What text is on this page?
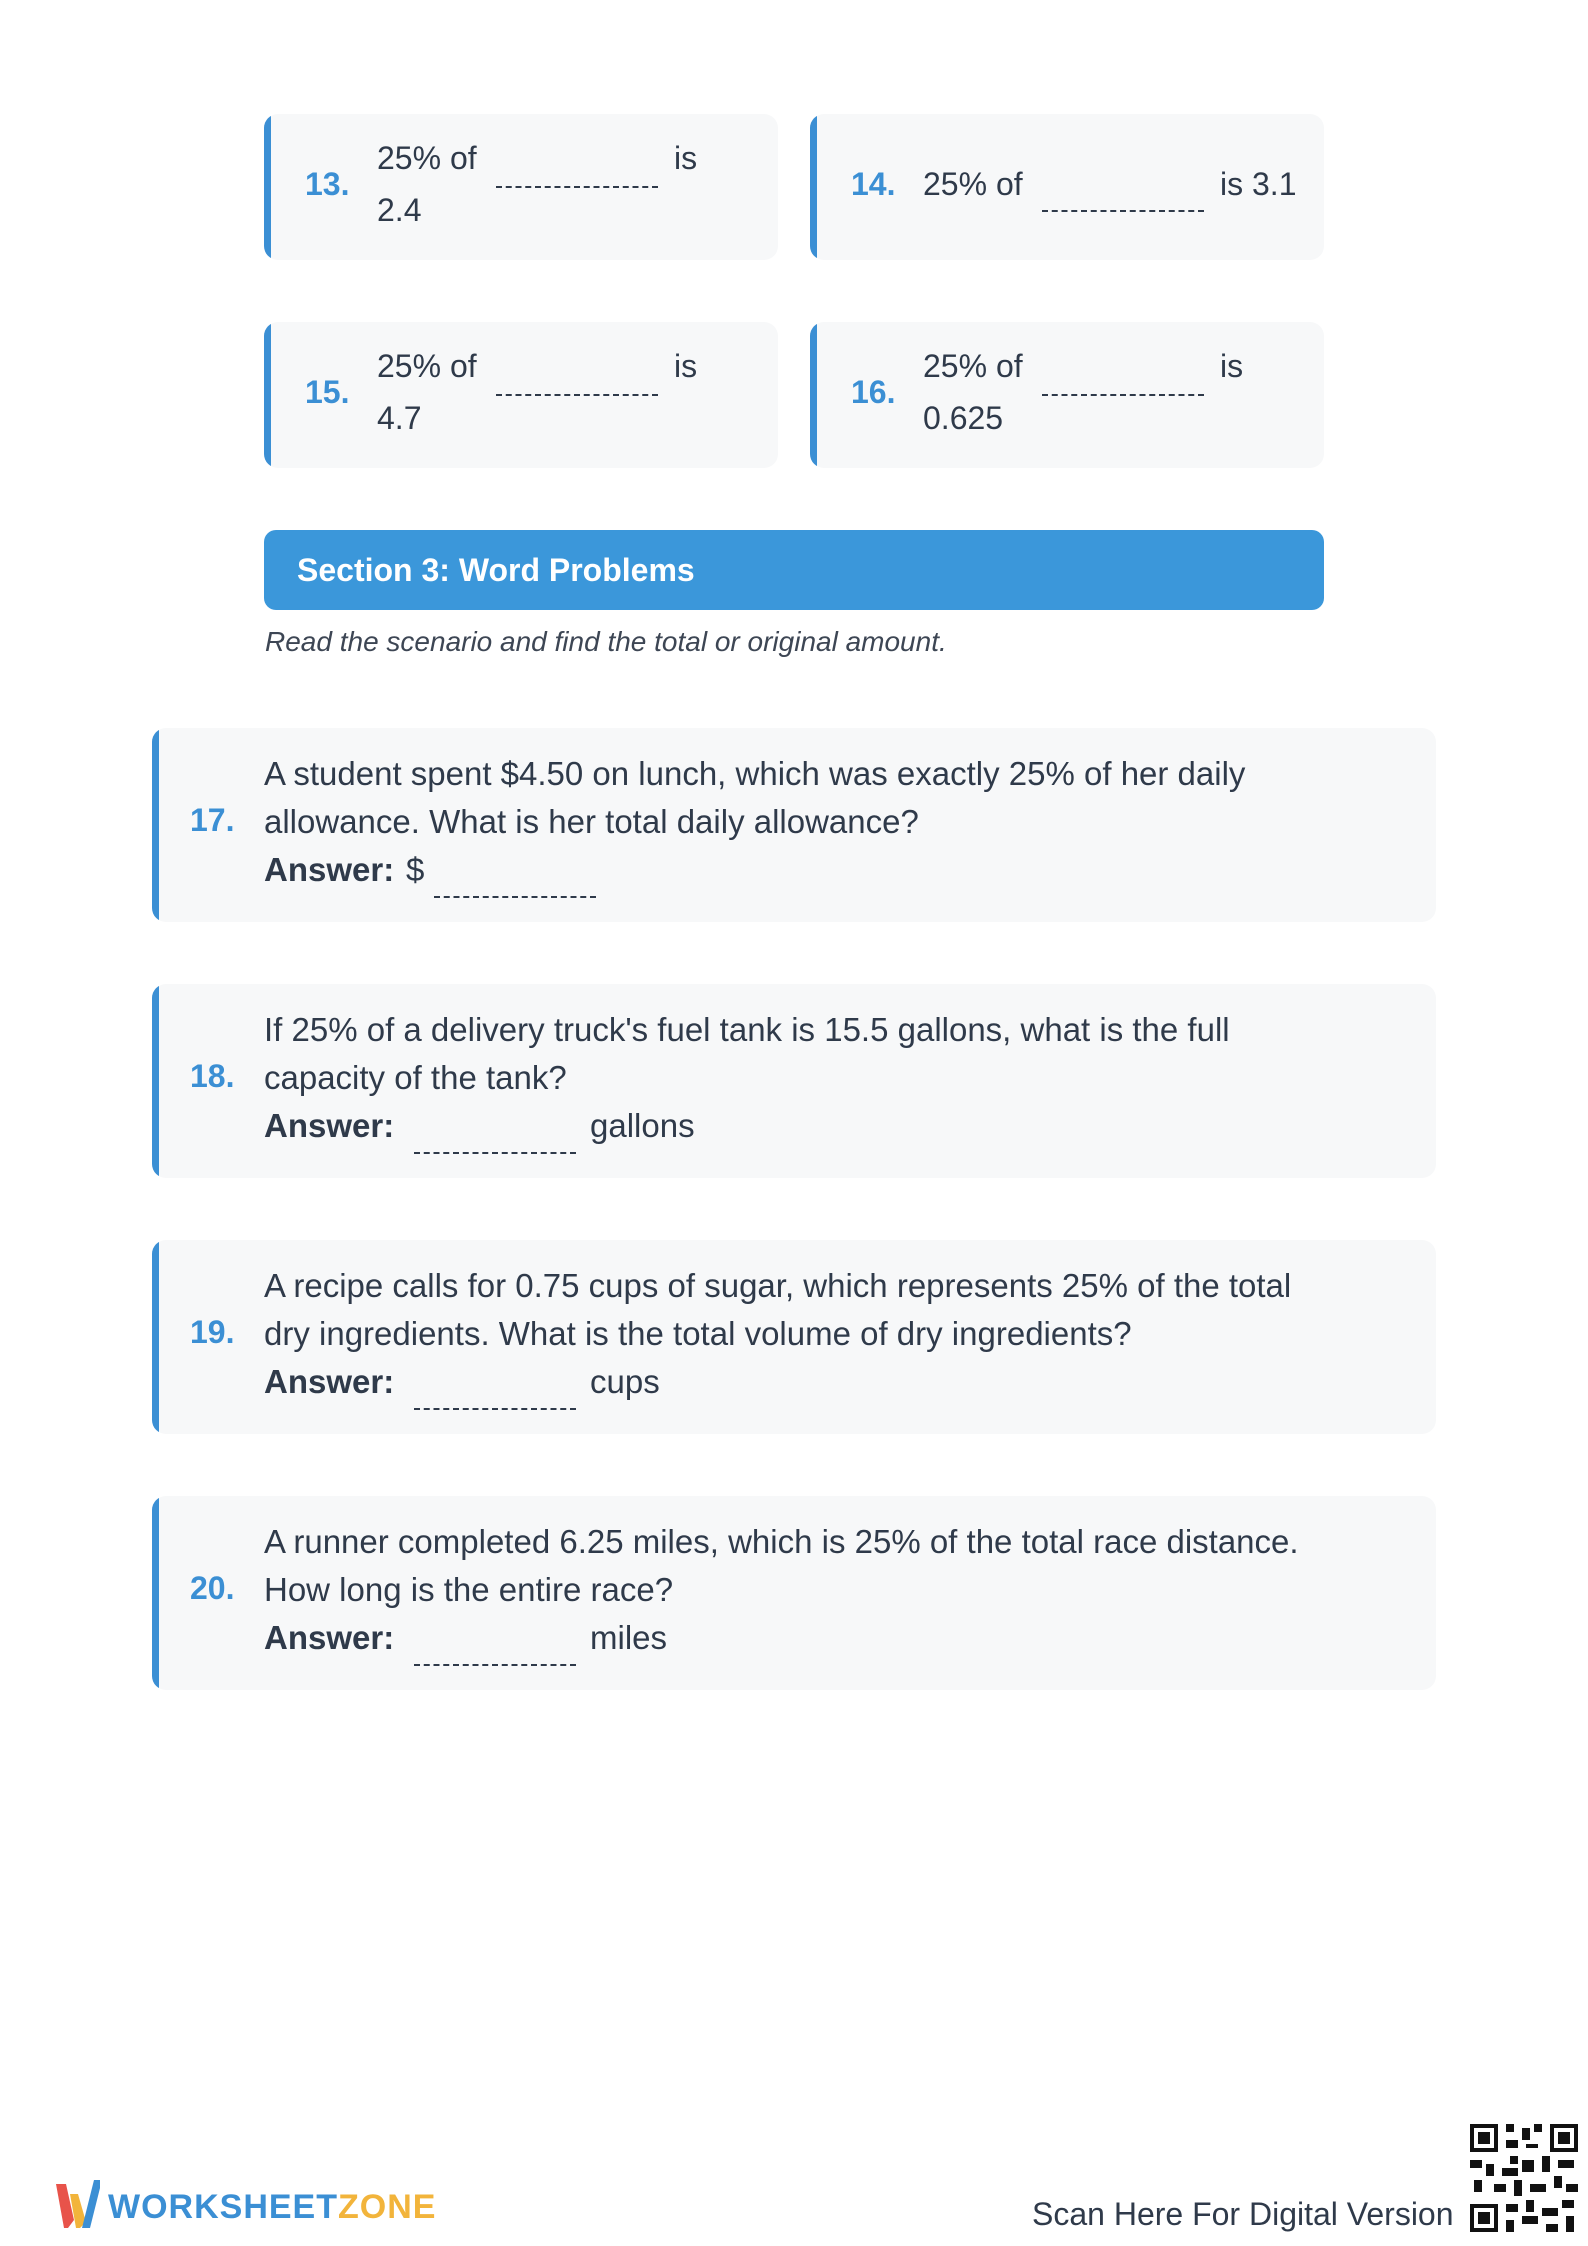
13.
25% of	is
2.4
14. 25% of	is 3.1
15.
25% of	is
4.7
16.
25% of	is
0.625
Section 3: Word Problems
Read the scenario and find the total or original amount.
17.
A student spent $4.50 on lunch, which was exactly 25% of her daily
allowance. What is her total daily allowance?
Answer: $
18.
If 25% of a delivery truck's fuel tank is 15.5 gallons, what is the full
capacity of the tank?
Answer:	gallons
19.
A recipe calls for 0.75 cups of sugar, which represents 25% of the total
dry ingredients. What is the total volume of dry ingredients?
Answer:	cups
20.
A runner completed 6.25 miles, which is 25% of the total race distance.
How long is the entire race?
Answer:	miles
WORKSHEETZONE	Scan Here For Digital Version
